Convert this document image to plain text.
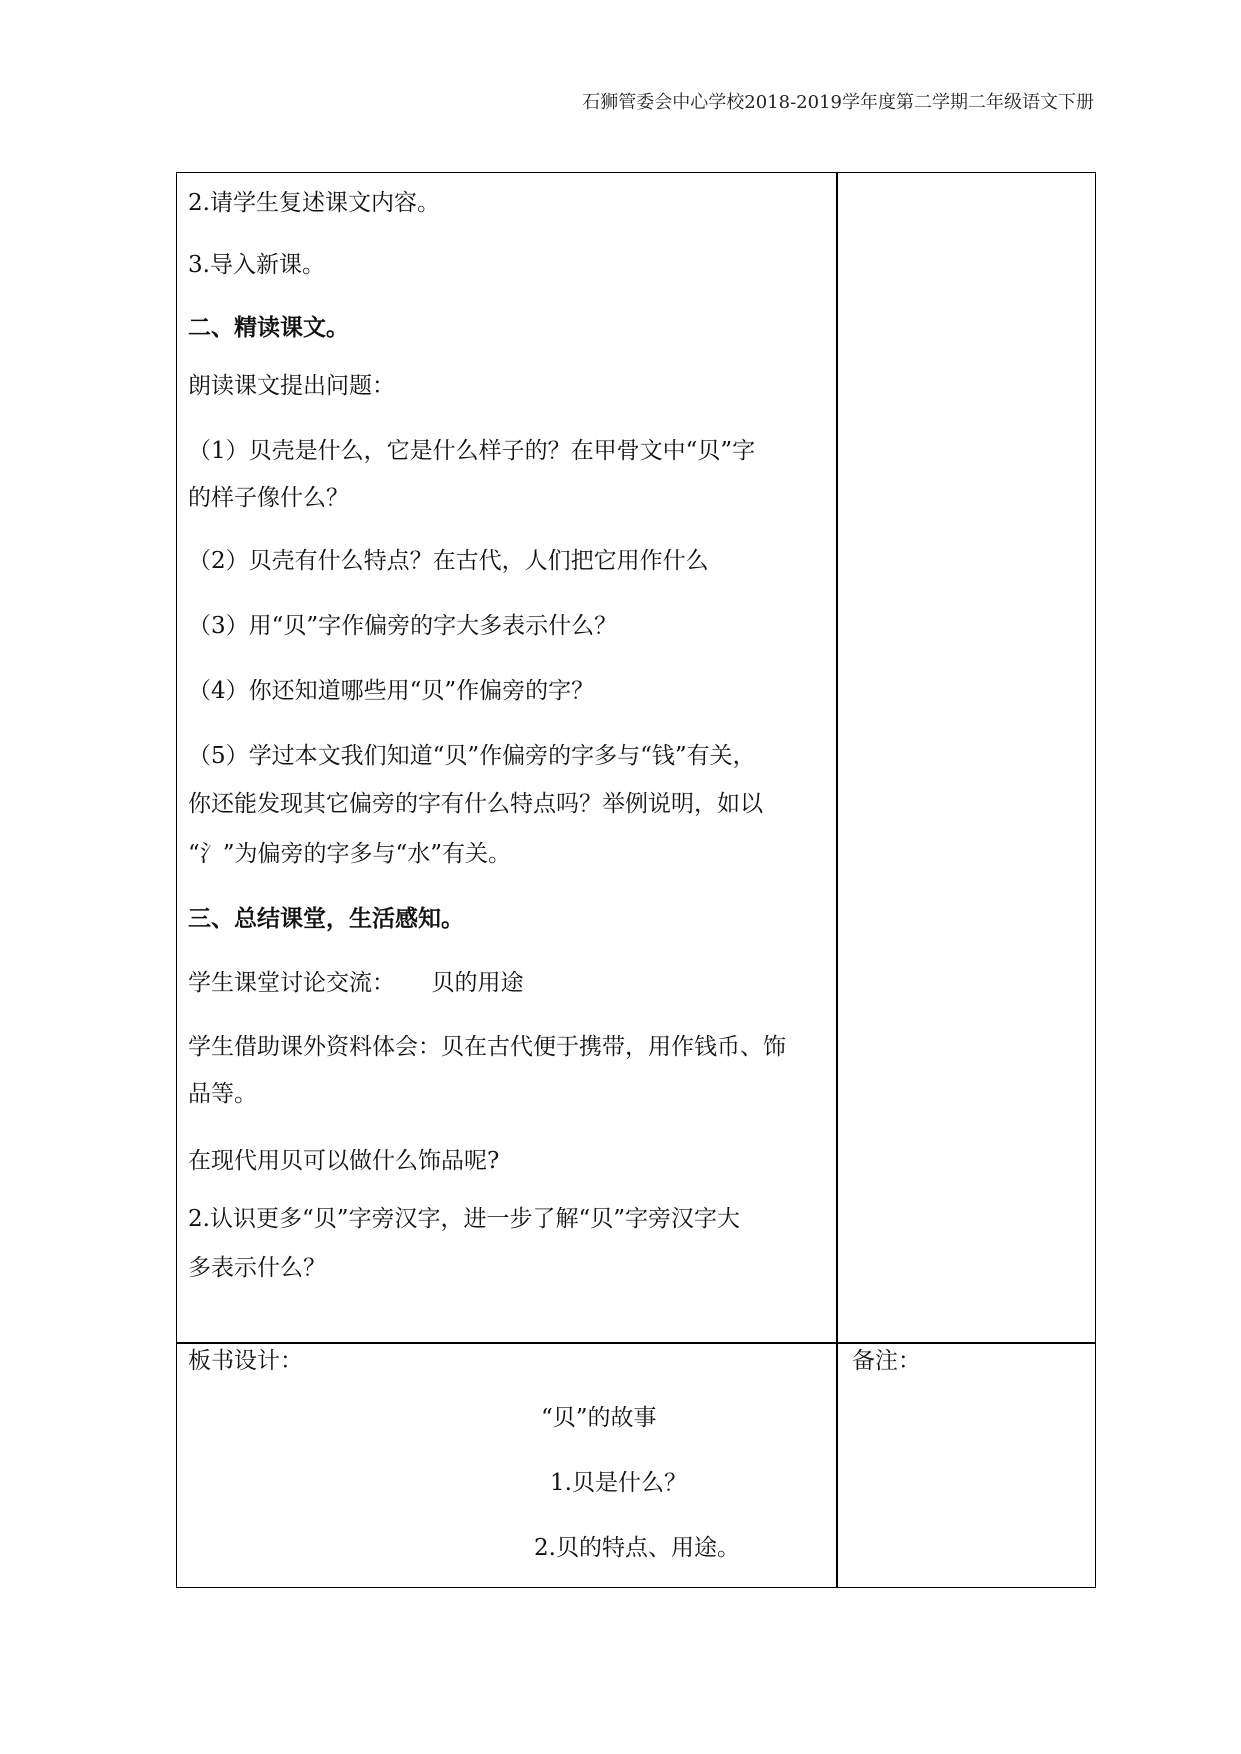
石狮管委会中心学校2018-2019学年度第二学期二年级语文下册
2.请学生复述课文内容。
3.导入新课。
二、精读课文。
朗读课文提出问题：
（1）贝壳是什么，它是什么样子的？在甲骨文中“贝”字
的样子像什么？
（2）贝壳有什么特点？在古代，人们把它用作什么
（3）用“贝”字作偏旁的字大多表示什么？
（4）你还知道哪些用“贝”作偏旁的字？
（5）学过本文我们知道“贝”作偏旁的字多与“钱”有关，
你还能发现其它偏旁的字有什么特点吗？举例说明，如以
“氵”为偏旁的字多与“水”有关。
三、总结课堂，生活感知。
学生课堂讨论交流：     贝的用途
学生借助课外资料体会：贝在古代便于携带，用作钱币、饰
品等。
在现代用贝可以做什么饰品呢?
2.认识更多“贝”字旁汉字，进一步了解“贝”字旁汉字大
多表示什么？
板书设计：
“贝”的故事
1.贝是什么？
2.贝的特点、用途。
备注：
